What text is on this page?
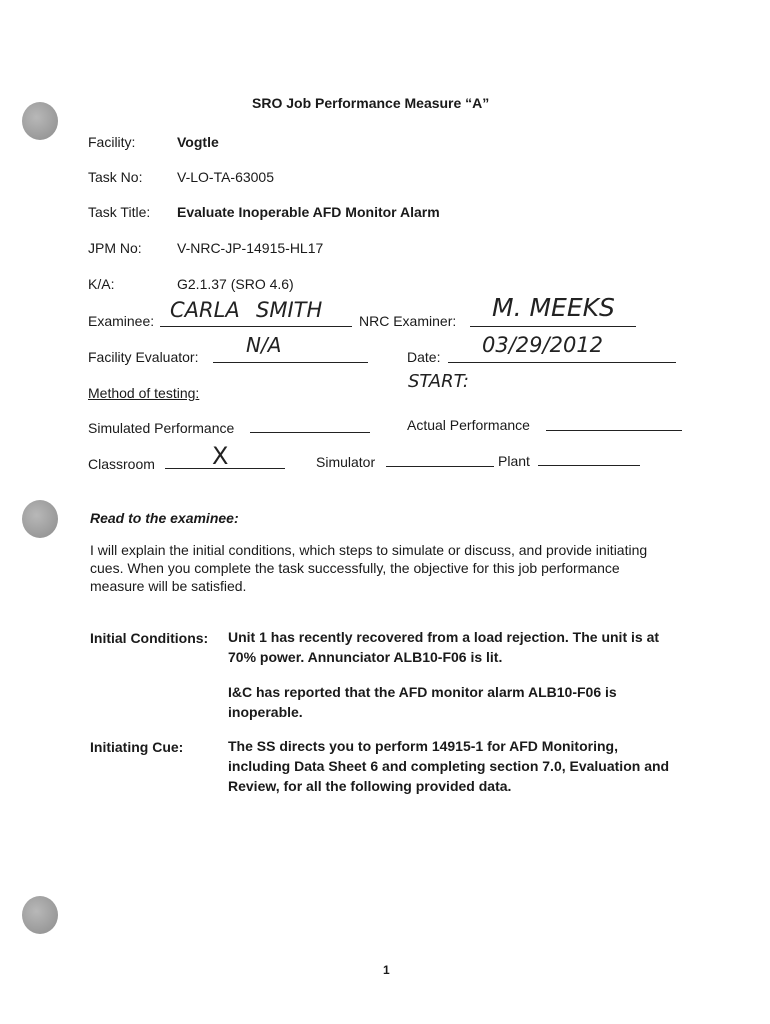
SRO Job Performance Measure “A”
Facility:	Vogtle
Task No: V-LO-TA-63005
Task Title: Evaluate Inoperable AFD Monitor Alarm
JPM No:	V-NRC-JP-14915-HL17
K/A:	G2.1.37 (SRO 4.6)
Examinee: CARLA SMITH	NRC Examiner: M. MEEKS
Facility Evaluator: N/A	Date: 03/29/2012
Method of testing:
START:
Simulated Performance	Actual Performance
Classroom X	Simulator	Plant
Read to the examinee:
I will explain the initial conditions, which steps to simulate or discuss, and provide initiating cues. When you complete the task successfully, the objective for this job performance measure will be satisfied.
Initial Conditions: Unit 1 has recently recovered from a load rejection. The unit is at 70% power. Annunciator ALB10-F06 is lit.
I&C has reported that the AFD monitor alarm ALB10-F06 is inoperable.
Initiating Cue:	The SS directs you to perform 14915-1 for AFD Monitoring, including Data Sheet 6 and completing section 7.0, Evaluation and Review, for all the following provided data.
1
